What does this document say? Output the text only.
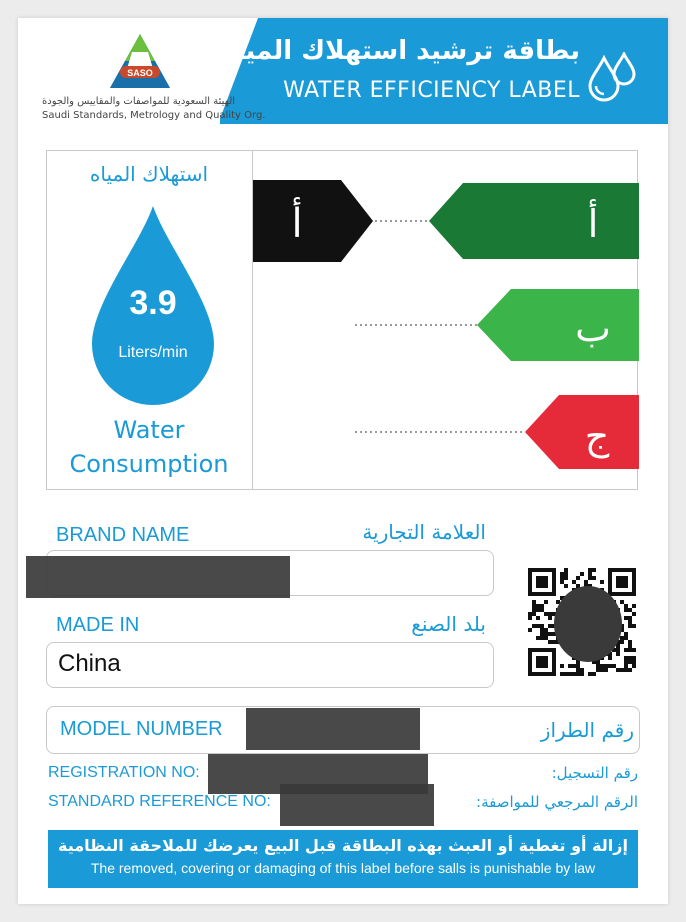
بطاقة ترشيد استهلاك المياه
WATER EFFICIENCY LABEL
SASO
الهيئة السعودية للمواصفات والمقاييس والجودة
Saudi Standards, Metrology and Quality Org.
استهلاك المياه
3.9
Liters/min
Water
Consumption
أ	أ
ب
ج
BRAND NAME	العلامة التجارية
MADE IN	بلد الصنع
China
MODEL NUMBER	رقم الطراز
REGISTRATION NO:	رقم التسجيل:
STANDARD REFERENCE NO:	الرقم المرجعي للمواصفة:
إزالة أو تغطية أو العبث بهذه البطاقة قبل البيع يعرضك للملاحقة النظامية
The removed, covering or damaging of this label before salls is punishable by law
